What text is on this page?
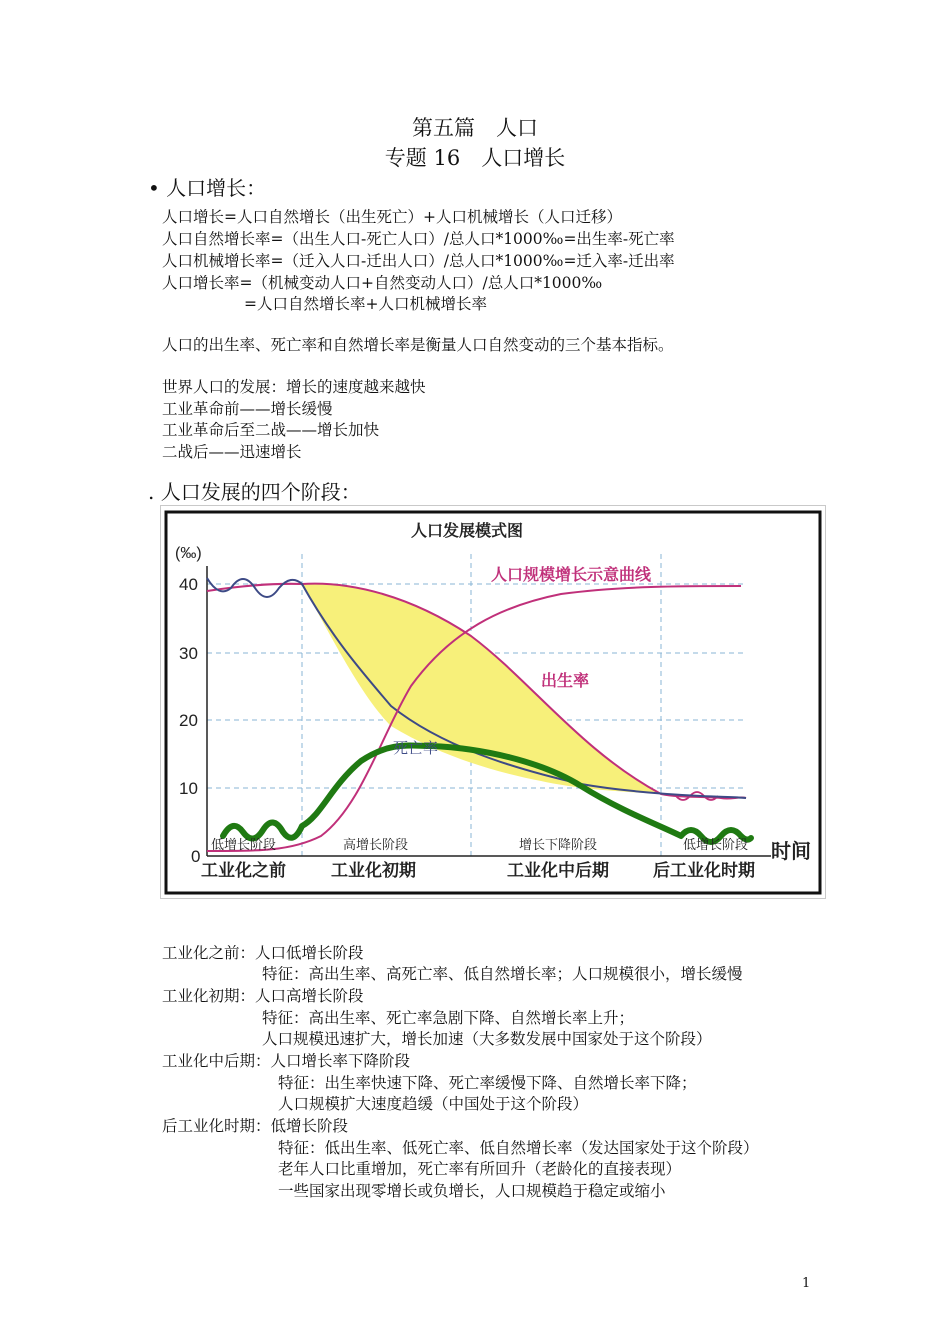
第五篇　人口
专题 16　人口增长
• 人口增长：
人口增长=人口自然增长（出生死亡）+人口机械增长（人口迁移）
人口自然增长率=（出生人口-死亡人口）/总人口*1000‰=出生率-死亡率
人口机械增长率=（迁入人口-迁出人口）/总人口*1000‰=迁入率-迁出率
人口增长率=（机械变动人口+自然变动人口）/总人口*1000‰
=人口自然增长率+人口机械增长率
人口的出生率、死亡率和自然增长率是衡量人口自然变动的三个基本指标。
世界人口的发展：增长的速度越来越快
工业革命前——增长缓慢
工业革命后至二战——增长加快
二战后——迅速增长
. 人口发展的四个阶段：
人口发展模式图
(‰)
40
30
20
10
0
人口规模增长示意曲线
出生率
死亡率
低增长阶段	高增长阶段	增长下降阶段	低增长阶段
工业化之前	工业化初期	工业化中后期	后工业化时期
时间
工业化之前：人口低增长阶段
特征：高出生率、高死亡率、低自然增长率；人口规模很小，增长缓慢
工业化初期：人口高增长阶段
特征：高出生率、死亡率急剧下降、自然增长率上升；
人口规模迅速扩大，增长加速（大多数发展中国家处于这个阶段）
工业化中后期：人口增长率下降阶段
特征：出生率快速下降、死亡率缓慢下降、自然增长率下降；
人口规模扩大速度趋缓（中国处于这个阶段）
后工业化时期：低增长阶段
特征：低出生率、低死亡率、低自然增长率（发达国家处于这个阶段）
老年人口比重增加，死亡率有所回升（老龄化的直接表现）
一些国家出现零增长或负增长，人口规模趋于稳定或缩小
1
